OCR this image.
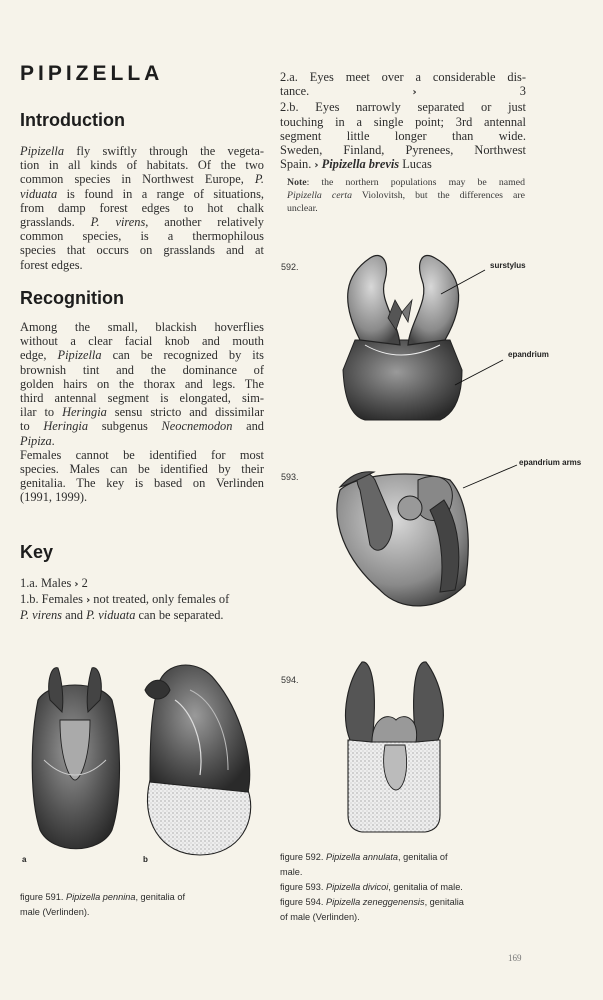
PIPIZELLA
Introduction
Pipizella fly swiftly through the vegeta-
tion in all kinds of habitats. Of the two
common species in Northwest Europe, P.
viduata is found in a range of situations,
from damp forest edges to hot chalk
grasslands. P. virens, another relatively
common species, is a thermophilous
species that occurs on grasslands and at
forest edges.
Recognition
Among the small, blackish hoverflies
without a clear facial knob and mouth
edge, Pipizella can be recognized by its
brownish tint and the dominance of
golden hairs on the thorax and legs. The
third antennal segment is elongated, sim-
ilar to Heringia sensu stricto and dissimilar
to Heringia subgenus Neocnemodon and
Pipiza.
Females cannot be identified for most
species. Males can be identified by their
genitalia. The key is based on Verlinden
(1991, 1999).
Key
1.a. Males › 2
1.b. Females › not treated, only females of
P. virens and P. viduata can be separated.
2.a. Eyes meet over a considerable dis-
tance. › 3
2.b. Eyes narrowly separated or just
touching in a single point; 3rd antennal
segment little longer than wide.
Sweden, Finland, Pyrenees, Northwest
Spain. › Pipizella brevis Lucas
Note: the northern populations may be named
Pipizella certa Violovitsh, but the differences are
unclear.
592.
593.
594.
surstylus
epandrium
epandrium arms
a	b
figure 591. Pipizella pennina, genitalia of
male (Verlinden).
figure 592. Pipizella annulata, genitalia of
male.
figure 593. Pipizella divicoi, genitalia of male.
figure 594. Pipizella zeneggenensis, genitalia
of male (Verlinden).
169
